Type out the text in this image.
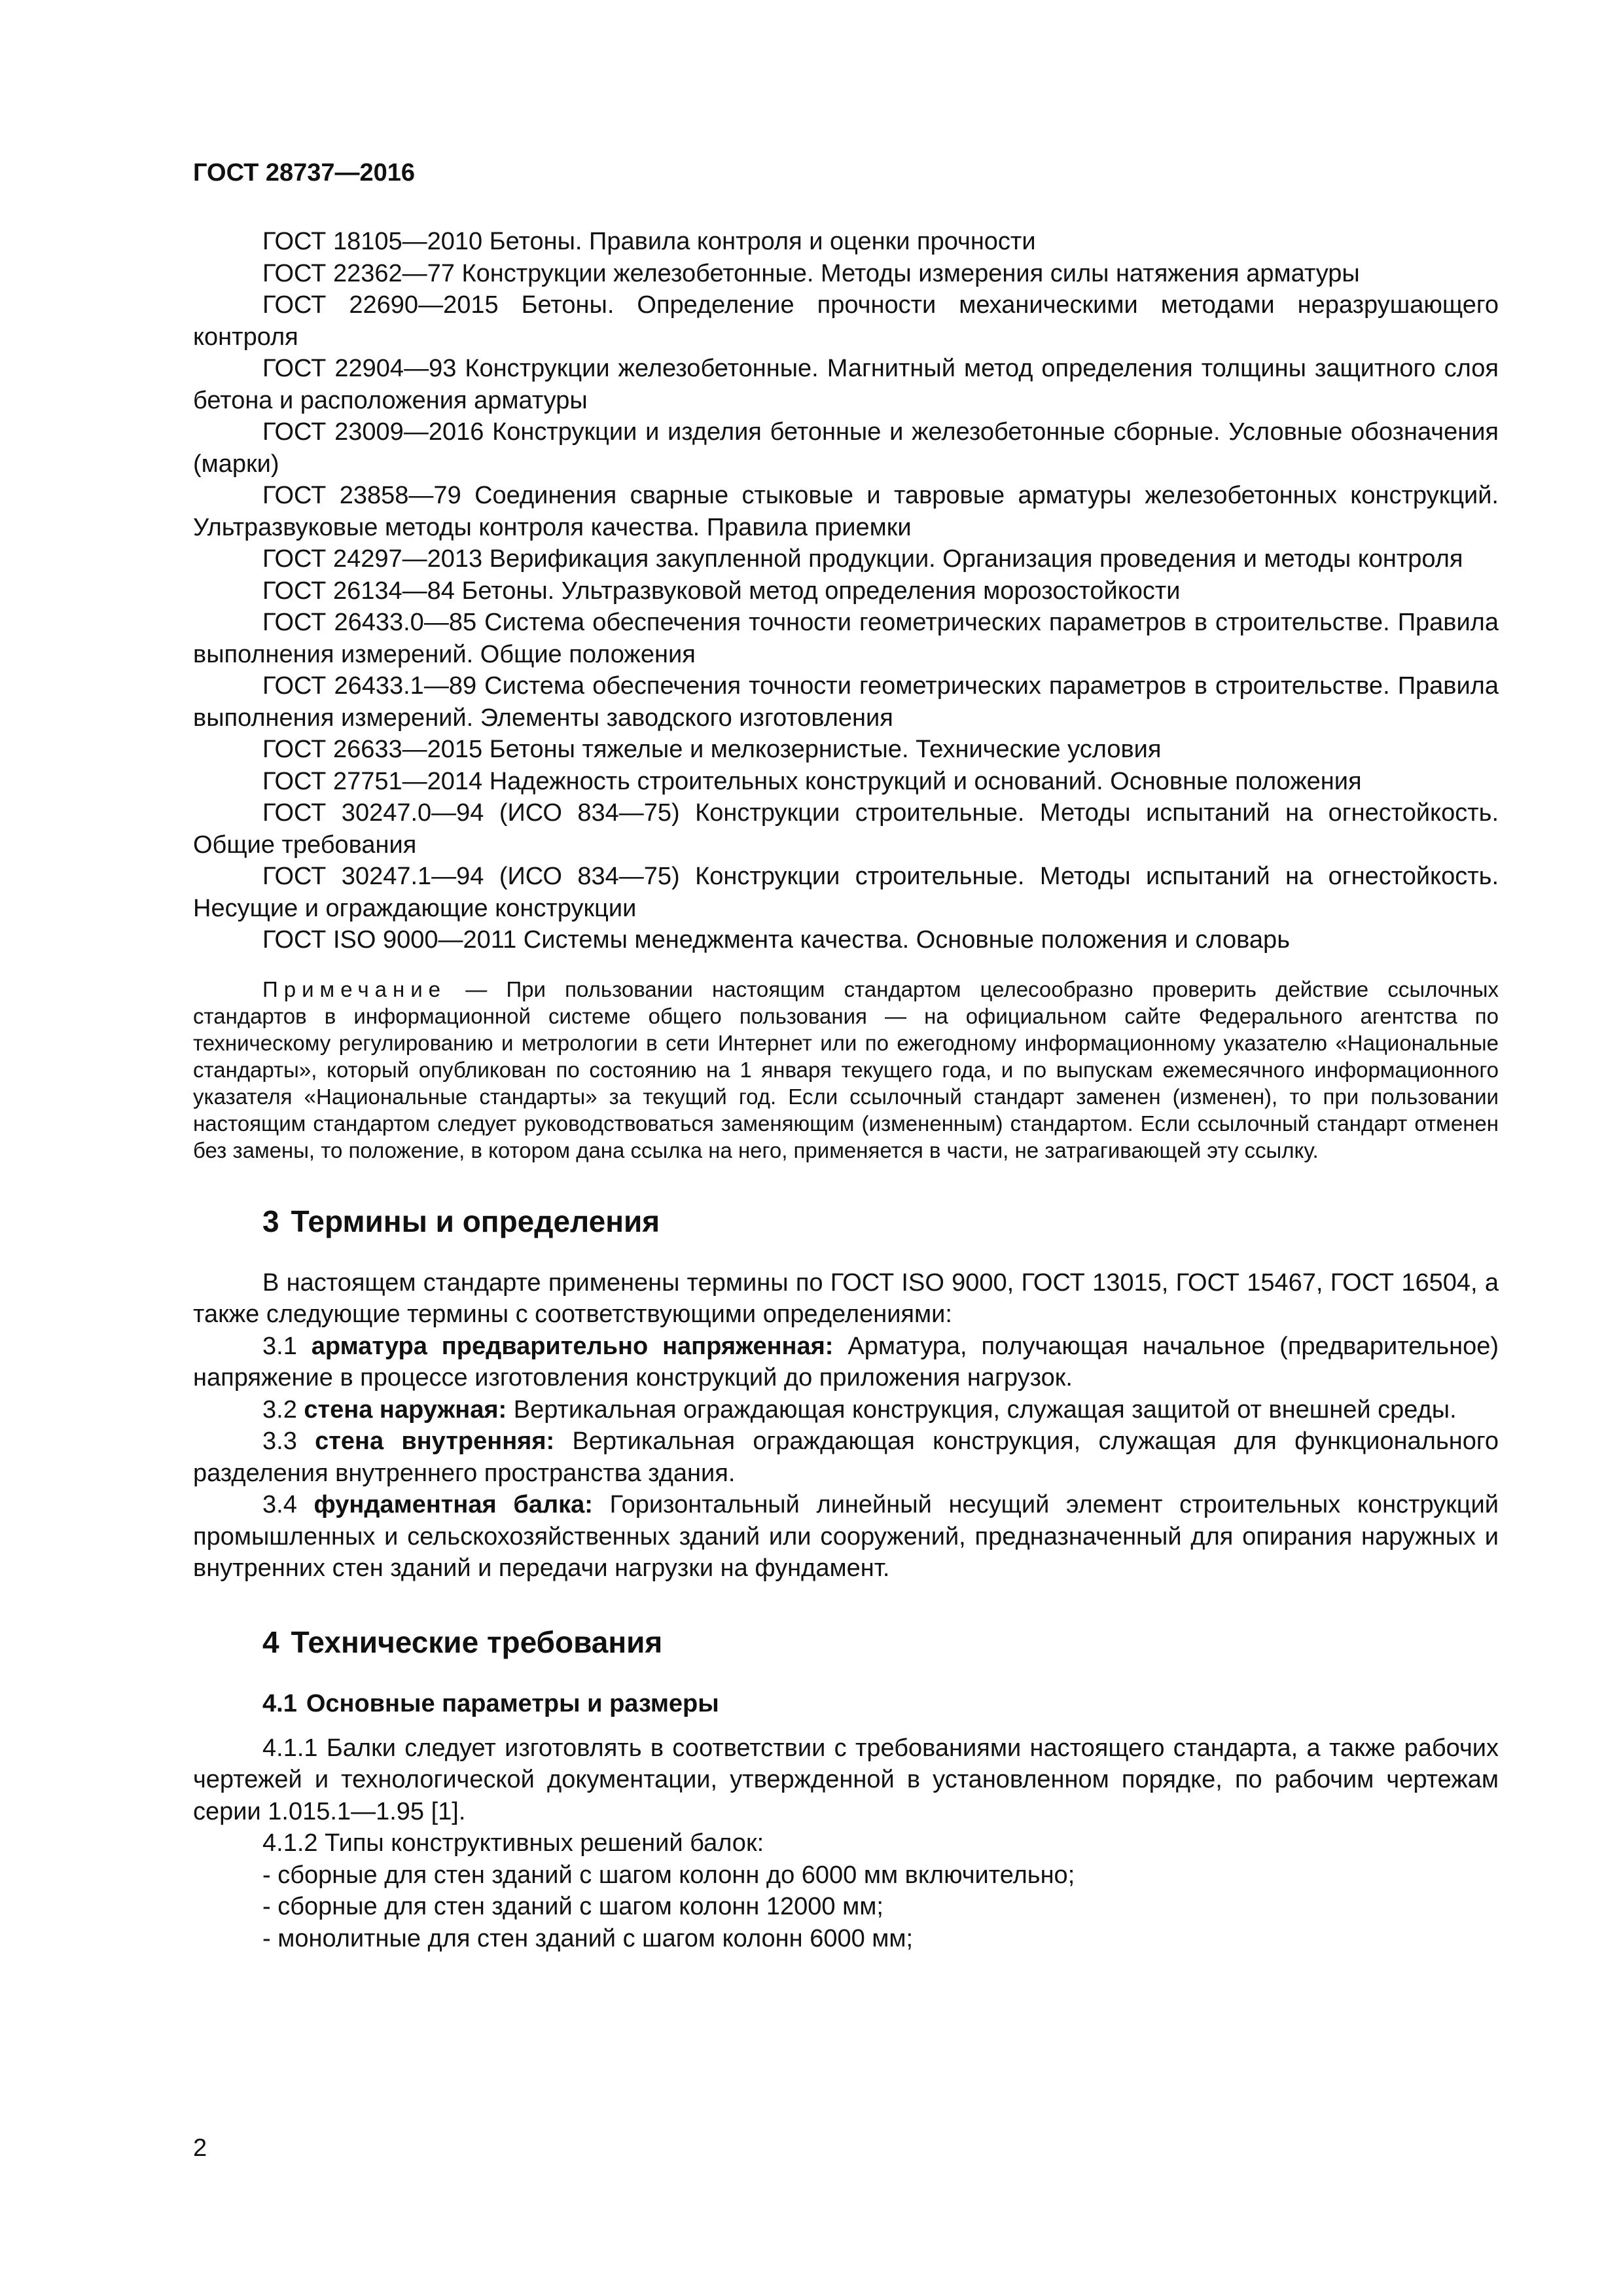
ГОСТ 28737—2016

ГОСТ 18105—2010 Бетоны. Правила контроля и оценки прочности

ГОСТ 22362—77 Конструкции железобетонные. Методы измерения силы натяжения арматуры

ГОСТ 22690—2015 Бетоны. Определение прочности механическими методами неразрушающего контроля

ГОСТ 22904—93 Конструкции железобетонные. Магнитный метод определения толщины защитного слоя бетона и расположения арматуры

ГОСТ 23009—2016 Конструкции и изделия бетонные и железобетонные сборные. Условные обозначения (марки)

ГОСТ 23858—79 Соединения сварные стыковые и тавровые арматуры железобетонных конструкций. Ультразвуковые методы контроля качества. Правила приемки

ГОСТ 24297—2013 Верификация закупленной продукции. Организация проведения и методы контроля

ГОСТ 26134—84 Бетоны. Ультразвуковой метод определения морозостойкости

ГОСТ 26433.0—85 Система обеспечения точности геометрических параметров в строительстве. Правила выполнения измерений. Общие положения

ГОСТ 26433.1—89 Система обеспечения точности геометрических параметров в строительстве. Правила выполнения измерений. Элементы заводского изготовления

ГОСТ 26633—2015 Бетоны тяжелые и мелкозернистые. Технические условия

ГОСТ 27751—2014 Надежность строительных конструкций и оснований. Основные положения

ГОСТ 30247.0—94 (ИСО 834—75) Конструкции строительные. Методы испытаний на огнестойкость. Общие требования

ГОСТ 30247.1—94 (ИСО 834—75) Конструкции строительные. Методы испытаний на огнестойкость. Несущие и ограждающие конструкции

ГОСТ ISO 9000—2011 Системы менеджмента качества. Основные положения и словарь

Примечание — При пользовании настоящим стандартом целесообразно проверить действие ссылочных стандартов в информационной системе общего пользования — на официальном сайте Федерального агентства по техническому регулированию и метрологии в сети Интернет или по ежегодному информационному указателю «Национальные стандарты», который опубликован по состоянию на 1 января текущего года, и по выпускам ежемесячного информационного указателя «Национальные стандарты» за текущий год. Если ссылочный стандарт заменен (изменен), то при пользовании настоящим стандартом следует руководствоваться заменяющим (измененным) стандартом. Если ссылочный стандарт отменен без замены, то положение, в котором дана ссылка на него, применяется в части, не затрагивающей эту ссылку.

3 Термины и определения

В настоящем стандарте применены термины по ГОСТ ISO 9000, ГОСТ 13015, ГОСТ 15467, ГОСТ 16504, а также следующие термины с соответствующими определениями:

3.1 арматура предварительно напряженная: Арматура, получающая начальное (предварительное) напряжение в процессе изготовления конструкций до приложения нагрузок.

3.2 стена наружная: Вертикальная ограждающая конструкция, служащая защитой от внешней среды.

3.3 стена внутренняя: Вертикальная ограждающая конструкция, служащая для функционального разделения внутреннего пространства здания.

3.4 фундаментная балка: Горизонтальный линейный несущий элемент строительных конструкций промышленных и сельскохозяйственных зданий или сооружений, предназначенный для опирания наружных и внутренних стен зданий и передачи нагрузки на фундамент.

4 Технические требования
4.1 Основные параметры и размеры

4.1.1 Балки следует изготовлять в соответствии с требованиями настоящего стандарта, а также рабочих чертежей и технологической документации, утвержденной в установленном порядке, по рабочим чертежам серии 1.015.1—1.95 [1].

4.1.2 Типы конструктивных решений балок:

- сборные для стен зданий с шагом колонн до 6000 мм включительно;

- сборные для стен зданий с шагом колонн 12000 мм;

- монолитные для стен зданий с шагом колонн 6000 мм;

2
